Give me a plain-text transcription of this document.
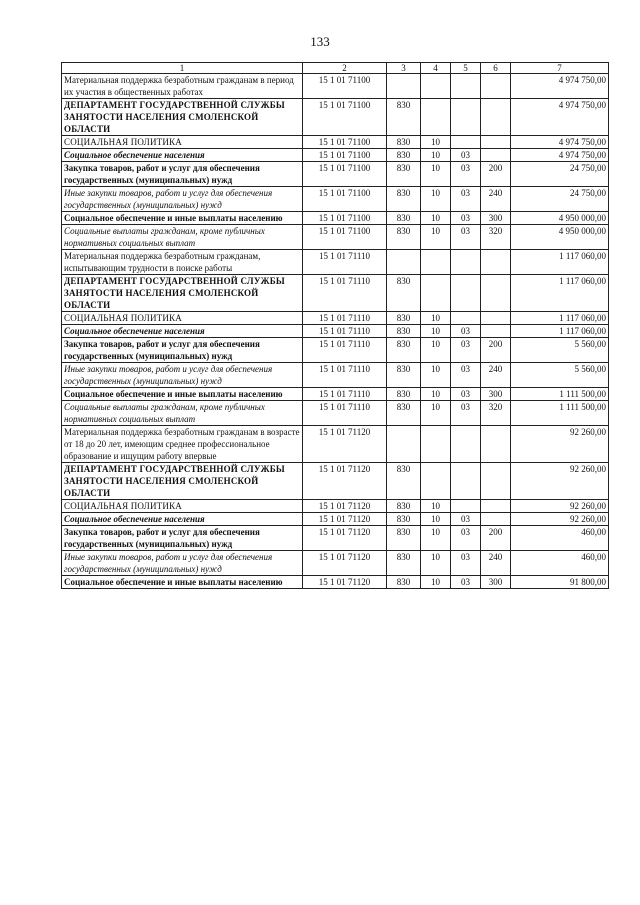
133
1	2	3	4	5	6	7
Материальная поддержка безработным гражданам в период их участия в общественных работах	15 1 01 71100					4 974 750,00
ДЕПАРТАМЕНТ ГОСУДАРСТВЕННОЙ СЛУЖБЫ ЗАНЯТОСТИ НАСЕЛЕНИЯ СМОЛЕНСКОЙ ОБЛАСТИ	15 1 01 71100	830				4 974 750,00
СОЦИАЛЬНАЯ ПОЛИТИКА	15 1 01 71100	830	10			4 974 750,00
Социальное обеспечение населения	15 1 01 71100	830	10	03		4 974 750,00
Закупка товаров, работ и услуг для обеспечения государственных (муниципальных) нужд	15 1 01 71100	830	10	03	200	24 750,00
Иные закупки товаров, работ и услуг для обеспечения государственных (муниципальных) нужд	15 1 01 71100	830	10	03	240	24 750,00
Социальное обеспечение и иные выплаты населению	15 1 01 71100	830	10	03	300	4 950 000,00
Социальные выплаты гражданам, кроме публичных нормативных социальных выплат	15 1 01 71100	830	10	03	320	4 950 000,00
Материальная поддержка безработным гражданам, испытывающим трудности в поиске работы	15 1 01 71110					1 117 060,00
ДЕПАРТАМЕНТ ГОСУДАРСТВЕННОЙ СЛУЖБЫ ЗАНЯТОСТИ НАСЕЛЕНИЯ СМОЛЕНСКОЙ ОБЛАСТИ	15 1 01 71110	830				1 117 060,00
СОЦИАЛЬНАЯ ПОЛИТИКА	15 1 01 71110	830	10			1 117 060,00
Социальное обеспечение населения	15 1 01 71110	830	10	03		1 117 060,00
Закупка товаров, работ и услуг для обеспечения государственных (муниципальных) нужд	15 1 01 71110	830	10	03	200	5 560,00
Иные закупки товаров, работ и услуг для обеспечения государственных (муниципальных) нужд	15 1 01 71110	830	10	03	240	5 560,00
Социальное обеспечение и иные выплаты населению	15 1 01 71110	830	10	03	300	1 111 500,00
Социальные выплаты гражданам, кроме публичных нормативных социальных выплат	15 1 01 71110	830	10	03	320	1 111 500,00
Материальная поддержка безработным гражданам в возрасте от 18 до 20 лет, имеющим среднее профессиональное образование и ищущим работу впервые	15 1 01 71120					92 260,00
ДЕПАРТАМЕНТ ГОСУДАРСТВЕННОЙ СЛУЖБЫ ЗАНЯТОСТИ НАСЕЛЕНИЯ СМОЛЕНСКОЙ ОБЛАСТИ	15 1 01 71120	830				92 260,00
СОЦИАЛЬНАЯ ПОЛИТИКА	15 1 01 71120	830	10			92 260,00
Социальное обеспечение населения	15 1 01 71120	830	10	03		92 260,00
Закупка товаров, работ и услуг для обеспечения государственных (муниципальных) нужд	15 1 01 71120	830	10	03	200	460,00
Иные закупки товаров, работ и услуг для обеспечения государственных (муниципальных) нужд	15 1 01 71120	830	10	03	240	460,00
Социальное обеспечение и иные выплаты населению	15 1 01 71120	830	10	03	300	91 800,00
